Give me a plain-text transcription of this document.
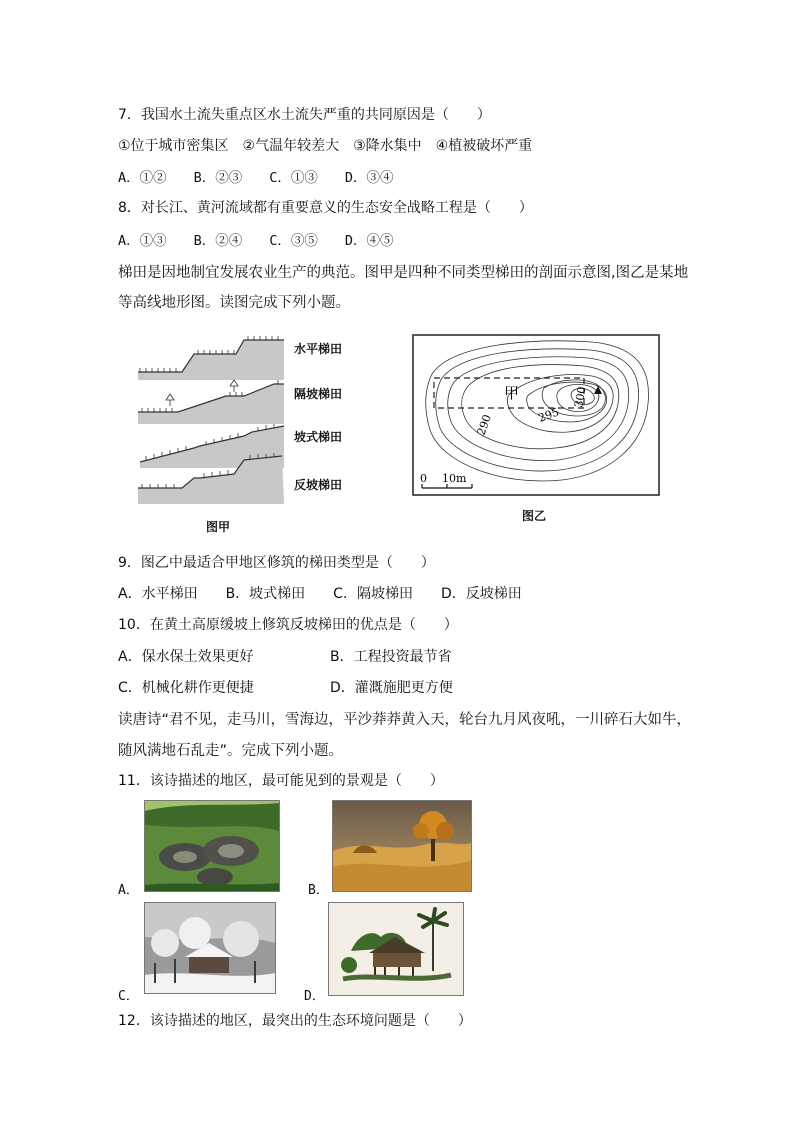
7．我国水土流失重点区水土流失严重的共同原因是（　　）
①位于城市密集区　②气温年较差大　③降水集中　④植被破坏严重
A．①②　　B．②③　　C．①③　　D．③④
8．对长江、黄河流域都有重要意义的生态安全战略工程是（　　）
A．①③　　B．②④　　C．③⑤　　D．④⑤
梯田是因地制宜发展农业生产的典范。图甲是四种不同类型梯田的剖面示意图,图乙是某地
等高线地形图。读图完成下列小题。
水平梯田
隔坡梯田
坡式梯田
反坡梯田
图甲
甲
290	295
300
0 10m
图乙
9．图乙中最适合甲地区修筑的梯田类型是（　　）
A．水平梯田　　B．坡式梯田　　C．隔坡梯田　　D．反坡梯田
10．在黄土高原缓坡上修筑反坡梯田的优点是（　　）
A．保水保土效果更好	B．工程投资最节省
C．机械化耕作更便捷	D．灌溉施肥更方便
读唐诗“君不见，走马川，雪海边，平沙莽莽黄入天，轮台九月风夜吼，一川碎石大如牛，
随风满地石乱走”。完成下列小题。
11．该诗描述的地区，最可能见到的景观是（　　）
A．	B．
C．	D．
12．该诗描述的地区，最突出的生态环境问题是（　　）
